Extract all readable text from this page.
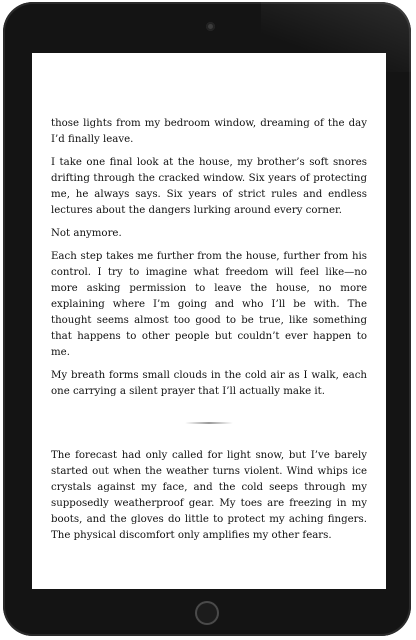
those lights from my bedroom window, dreaming of the day I’d finally leave.

I take one final look at the house, my brother’s soft snores drifting through the cracked window. Six years of protecting me, he always says. Six years of strict rules and endless lectures about the dangers lurking around every corner.

Not anymore.

Each step takes me further from the house, further from his control. I try to imagine what freedom will feel like—no more asking permission to leave the house, no more explaining where I’m going and who I’ll be with. The thought seems almost too good to be true, like something that happens to other people but couldn’t ever happen to me.

My breath forms small clouds in the cold air as I walk, each one carrying a silent prayer that I’ll actually make it.

The forecast had only called for light snow, but I’ve barely started out when the weather turns violent. Wind whips ice crystals against my face, and the cold seeps through my supposedly weatherproof gear. My toes are freezing in my boots, and the gloves do little to protect my aching fingers. The physical discomfort only amplifies my other fears.
